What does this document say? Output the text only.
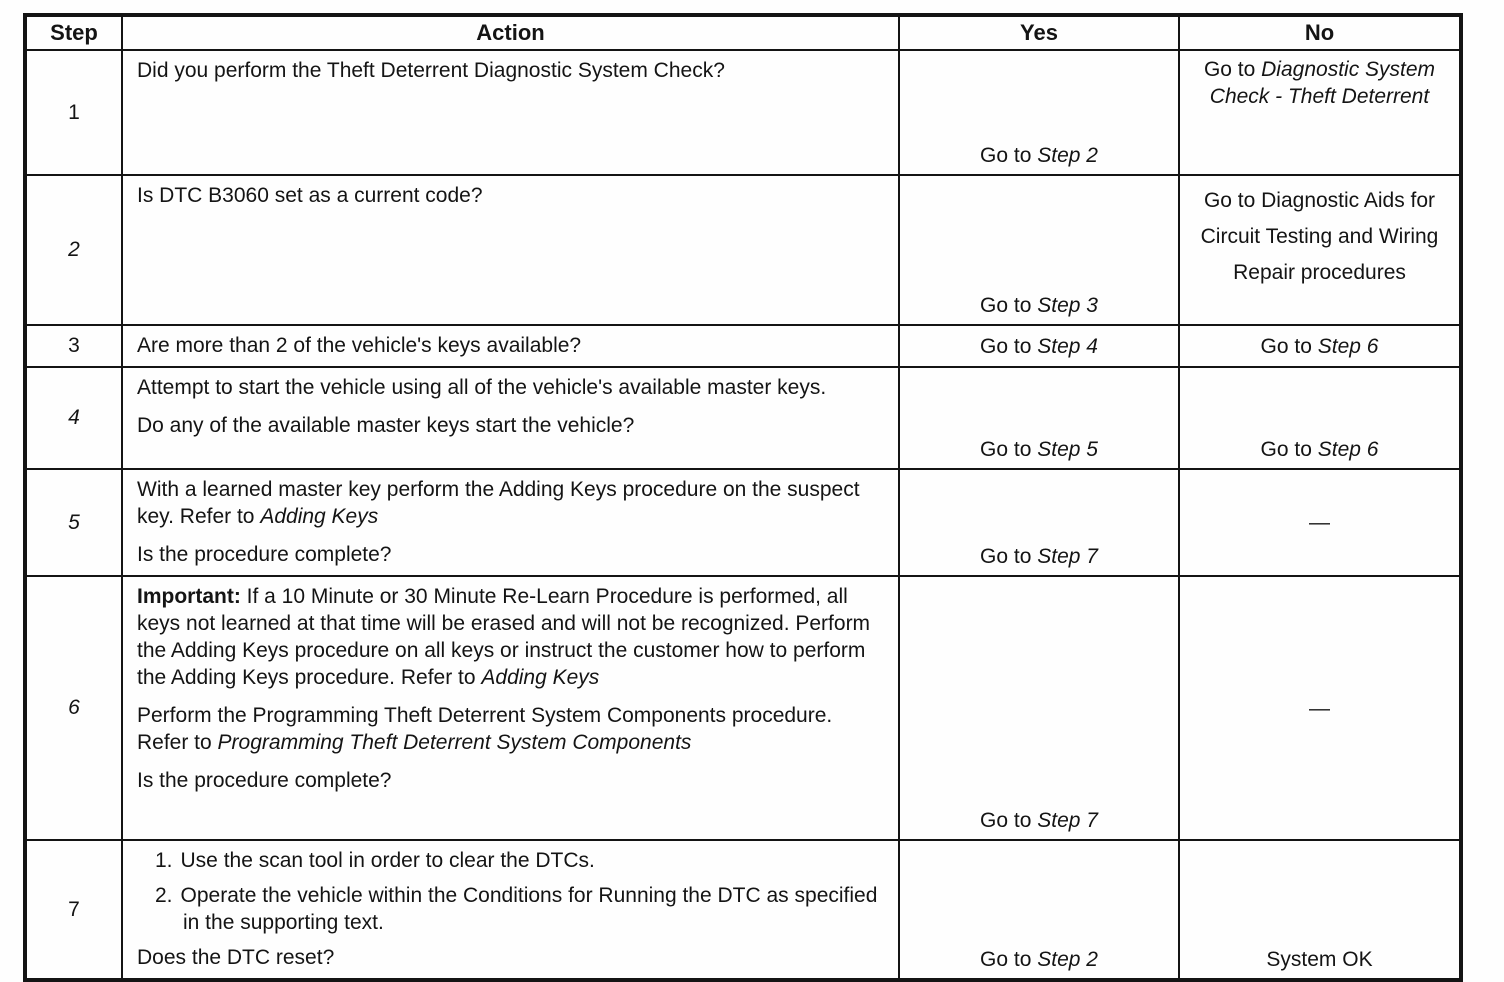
Step	Action	Yes	No
1	Did you perform the Theft Deterrent Diagnostic System Check?	Go to Step 2	Go to Diagnostic System Check - Theft Deterrent

2	Is DTC B3060 set as a current code?	Go to Step 3	Go to Diagnostic Aids for Circuit Testing and Wiring Repair procedures

3	Are more than 2 of the vehicle's keys available?	Go to Step 4	Go to Step 6

4	Attempt to start the vehicle using all of the vehicle's available master keys.
Do any of the available master keys start the vehicle?	Go to Step 5	Go to Step 6

5	With a learned master key perform the Adding Keys procedure on the suspect key. Refer to Adding Keys
Is the procedure complete?	Go to Step 7	—

6	Important: If a 10 Minute or 30 Minute Re-Learn Procedure is performed, all keys not learned at that time will be erased and will not be recognized. Perform the Adding Keys procedure on all keys or instruct the customer how to perform the Adding Keys procedure. Refer to Adding Keys
Perform the Programming Theft Deterrent System Components procedure. Refer to Programming Theft Deterrent System Components
Is the procedure complete?	Go to Step 7	—

7	1. Use the scan tool in order to clear the DTCs.
2. Operate the vehicle within the Conditions for Running the DTC as specified in the supporting text.
Does the DTC reset?	Go to Step 2	System OK
